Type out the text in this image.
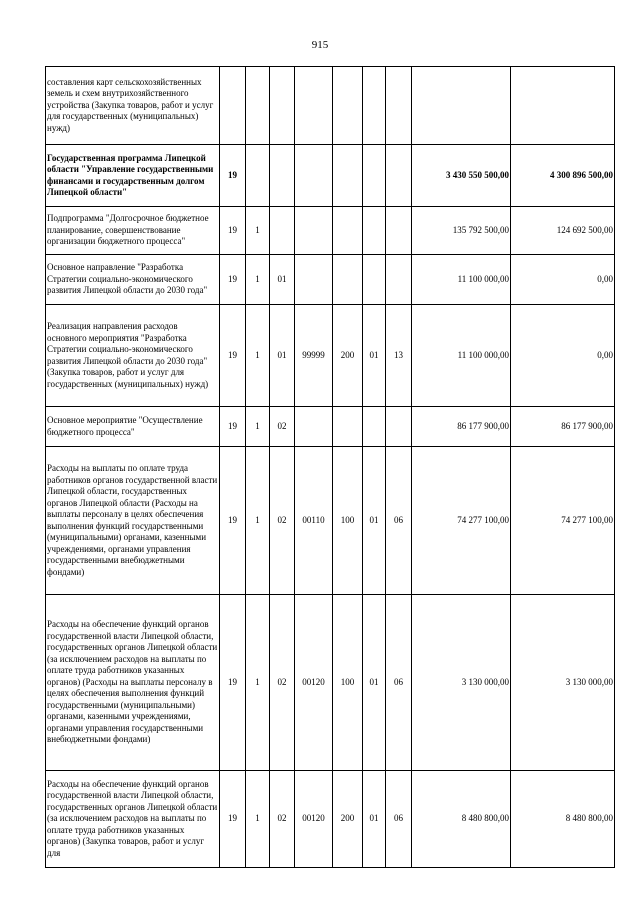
915
составления карт сельскохозяйственных земель и схем внутрихозяйственного устройства (Закупка товаров, работ и услуг для государственных (муниципальных) нужд)									
Государственная программа Липецкой области "Управление государственными финансами и государственным долгом Липецкой области"	19							3 430 550 500,00	4 300 896 500,00
Подпрограмма "Долгосрочное бюджетное планирование, совершенствование организации бюджетного процесса"	19	1						135 792 500,00	124 692 500,00
Основное направление "Разработка Стратегии социально-экономического развития Липецкой области до 2030 года"	19	1	01					11 100 000,00	0,00
Реализация направления расходов основного мероприятия "Разработка Стратегии социально-экономического развития Липецкой области до 2030 года" (Закупка товаров, работ и услуг для государственных (муниципальных) нужд)	19	1	01	99999	200	01	13	11 100 000,00	0,00
Основное мероприятие "Осуществление бюджетного процесса"	19	1	02					86 177 900,00	86 177 900,00
Расходы на выплаты по оплате труда работников органов государственной власти Липецкой области, государственных органов Липецкой области (Расходы на выплаты персоналу в целях обеспечения выполнения функций государственными (муниципальными) органами, казенными учреждениями, органами управления государственными внебюджетными фондами)	19	1	02	00110	100	01	06	74 277 100,00	74 277 100,00
Расходы на обеспечение функций органов государственной власти Липецкой области, государственных органов Липецкой области (за исключением расходов на выплаты по оплате труда работников указанных органов) (Расходы на выплаты персоналу в целях обеспечения выполнения функций государственными (муниципальными) органами, казенными учреждениями, органами управления государственными внебюджетными фондами)	19	1	02	00120	100	01	06	3 130 000,00	3 130 000,00
Расходы на обеспечение функций органов государственной власти Липецкой области, государственных органов Липецкой области (за исключением расходов на выплаты по оплате труда работников указанных органов) (Закупка товаров, работ и услуг для	19	1	02	00120	200	01	06	8 480 800,00	8 480 800,00
